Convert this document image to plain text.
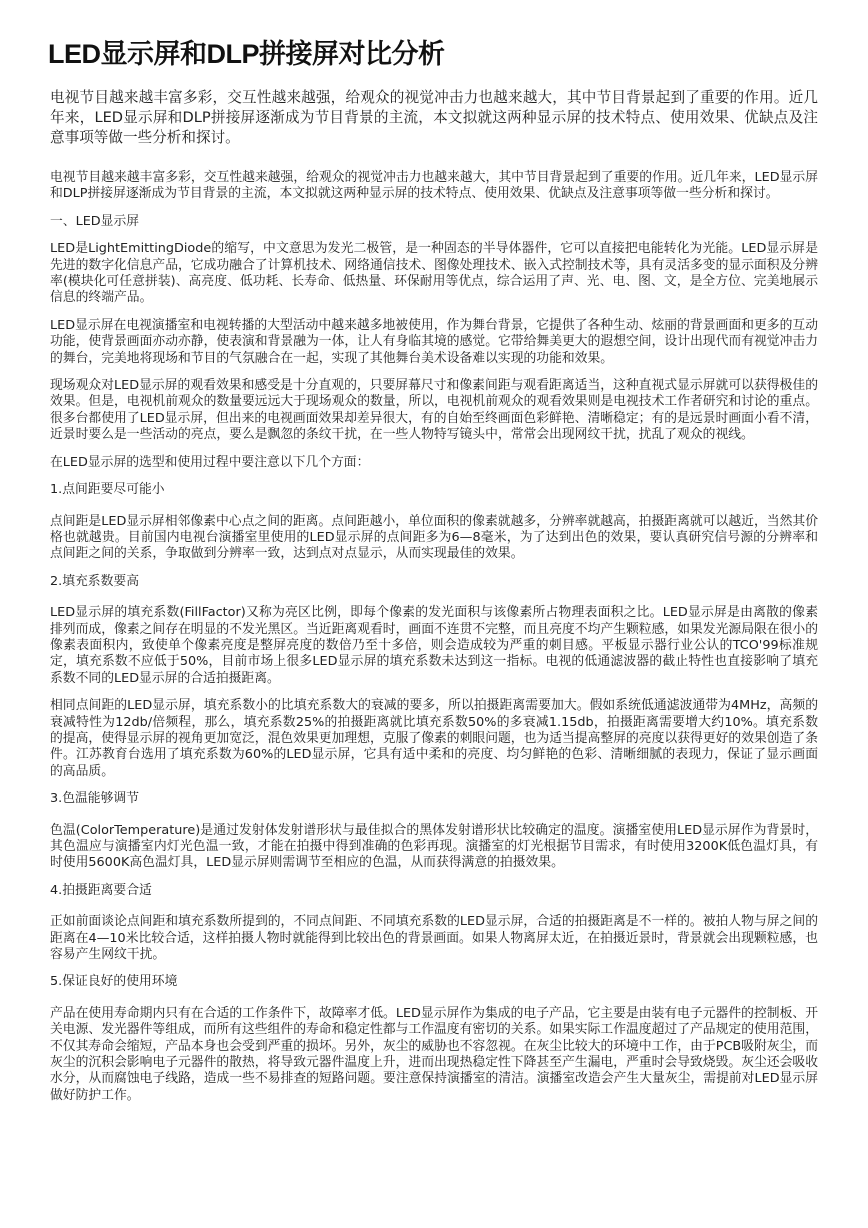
LED显示屏和DLP拼接屏对比分析
电视节目越来越丰富多彩，交互性越来越强，给观众的视觉冲击力也越来越大，其中节目背景起到了重要的作用。近几年来，LED显示屏和DLP拼接屏逐渐成为节目背景的主流，本文拟就这两种显示屏的技术特点、使用效果、优缺点及注意事项等做一些分析和探讨。

电视节目越来越丰富多彩，交互性越来越强，给观众的视觉冲击力也越来越大，其中节目背景起到了重要的作用。近几年来，LED显示屏和DLP拼接屏逐渐成为节目背景的主流，本文拟就这两种显示屏的技术特点、使用效果、优缺点及注意事项等做一些分析和探讨。

一、LED显示屏

LED是LightEmittingDiode的缩写，中文意思为发光二极管，是一种固态的半导体器件，它可以直接把电能转化为光能。LED显示屏是先进的数字化信息产品，它成功融合了计算机技术、网络通信技术、图像处理技术、嵌入式控制技术等，具有灵活多变的显示面积及分辨率(模块化可任意拼装)、高亮度、低功耗、长寿命、低热量、环保耐用等优点，综合运用了声、光、电、图、文，是全方位、完美地展示信息的终端产品。

LED显示屏在电视演播室和电视转播的大型活动中越来越多地被使用，作为舞台背景，它提供了各种生动、炫丽的背景画面和更多的互动功能，使背景画面亦动亦静，使表演和背景融为一体，让人有身临其境的感觉。它带给舞美更大的遐想空间，设计出现代而有视觉冲击力的舞台，完美地将现场和节目的气氛融合在一起，实现了其他舞台美术设备难以实现的功能和效果。

现场观众对LED显示屏的观看效果和感受是十分直观的，只要屏幕尺寸和像素间距与观看距离适当，这种直视式显示屏就可以获得极佳的效果。但是，电视机前观众的数量要远远大于现场观众的数量，所以，电视机前观众的观看效果则是电视技术工作者研究和讨论的重点。很多台都使用了LED显示屏，但出来的电视画面效果却差异很大，有的自始至终画面色彩鲜艳、清晰稳定；有的是远景时画面小看不清，近景时要么是一些活动的亮点，要么是飘忽的条纹干扰，在一些人物特写镜头中，常常会出现网纹干扰，扰乱了观众的视线。

在LED显示屏的选型和使用过程中要注意以下几个方面：

1.点间距要尽可能小

点间距是LED显示屏相邻像素中心点之间的距离。点间距越小，单位面积的像素就越多，分辨率就越高，拍摄距离就可以越近，当然其价格也就越贵。目前国内电视台演播室里使用的LED显示屏的点间距多为6—8毫米，为了达到出色的效果，要认真研究信号源的分辨率和点间距之间的关系，争取做到分辨率一致，达到点对点显示，从而实现最佳的效果。

2.填充系数要高

LED显示屏的填充系数(FillFactor)又称为亮区比例，即每个像素的发光面积与该像素所占物理表面积之比。LED显示屏是由离散的像素排列而成，像素之间存在明显的不发光黑区。当近距离观看时，画面不连贯不完整，而且亮度不均产生颗粒感，如果发光源局限在很小的像素表面积内，致使单个像素亮度是整屏亮度的数倍乃至十多倍，则会造成较为严重的刺目感。平板显示器行业公认的TCO'99标准规定，填充系数不应低于50%，目前市场上很多LED显示屏的填充系数未达到这一指标。电视的低通滤波器的截止特性也直接影响了填充系数不同的LED显示屏的合适拍摄距离。

相同点间距的LED显示屏，填充系数小的比填充系数大的衰减的要多，所以拍摄距离需要加大。假如系统低通滤波通带为4MHz，高频的衰减特性为12db/倍频程，那么，填充系数25%的拍摄距离就比填充系数50%的多衰减1.15db，拍摄距离需要增大约10%。填充系数的提高，使得显示屏的视角更加宽泛，混色效果更加理想，克服了像素的刺眼问题，也为适当提高整屏的亮度以获得更好的效果创造了条件。江苏教育台选用了填充系数为60%的LED显示屏，它具有适中柔和的亮度、均匀鲜艳的色彩、清晰细腻的表现力，保证了显示画面的高品质。

3.色温能够调节

色温(ColorTemperature)是通过发射体发射谱形状与最佳拟合的黑体发射谱形状比较确定的温度。演播室使用LED显示屏作为背景时，其色温应与演播室内灯光色温一致，才能在拍摄中得到准确的色彩再现。演播室的灯光根据节目需求，有时使用3200K低色温灯具，有时使用5600K高色温灯具，LED显示屏则需调节至相应的色温，从而获得满意的拍摄效果。

4.拍摄距离要合适

正如前面谈论点间距和填充系数所提到的，不同点间距、不同填充系数的LED显示屏，合适的拍摄距离是不一样的。被拍人物与屏之间的距离在4—10米比较合适，这样拍摄人物时就能得到比较出色的背景画面。如果人物离屏太近，在拍摄近景时，背景就会出现颗粒感，也容易产生网纹干扰。

5.保证良好的使用环境

产品在使用寿命期内只有在合适的工作条件下，故障率才低。LED显示屏作为集成的电子产品，它主要是由装有电子元器件的控制板、开关电源、发光器件等组成，而所有这些组件的寿命和稳定性都与工作温度有密切的关系。如果实际工作温度超过了产品规定的使用范围，不仅其寿命会缩短，产品本身也会受到严重的损坏。另外，灰尘的威胁也不容忽视。在灰尘比较大的环境中工作，由于PCB吸附灰尘，而灰尘的沉积会影响电子元器件的散热，将导致元器件温度上升，进而出现热稳定性下降甚至产生漏电，严重时会导致烧毁。灰尘还会吸收水分，从而腐蚀电子线路，造成一些不易排查的短路问题。要注意保持演播室的清洁。演播室改造会产生大量灰尘，需提前对LED显示屏做好防护工作。
